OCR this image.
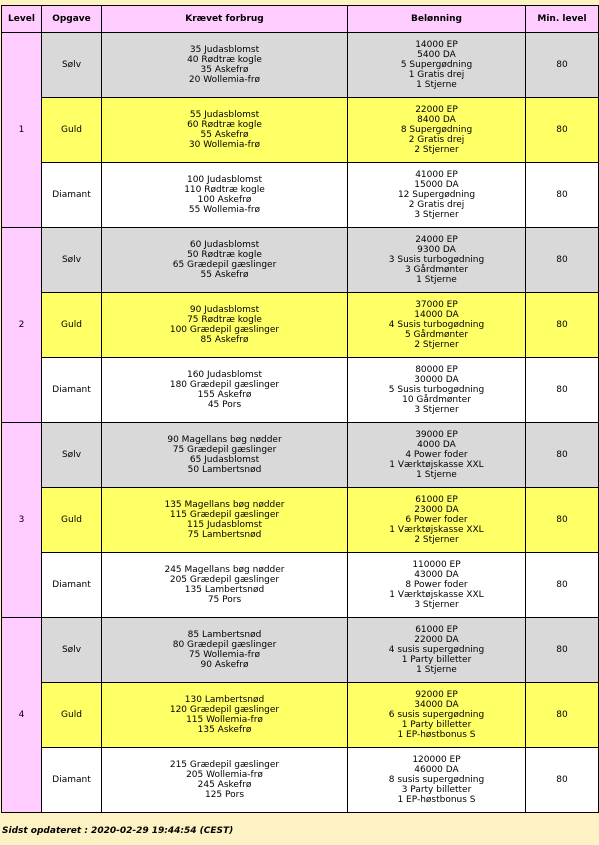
Level	Opgave	Krævet forbrug	Belønning	Min. level
1	Sølv	35 Judasblomst
40 Rødtræ kogle
35 Askefrø
20 Wollemia-frø	14000 EP
5400 DA
5 Supergødning
1 Gratis drej
1 Stjerne	80
	Guld	55 Judasblomst
60 Rødtræ kogle
55 Askefrø
30 Wollemia-frø	22000 EP
8400 DA
8 Supergødning
2 Gratis drej
2 Stjerner	80
	Diamant	100 Judasblomst
110 Rødtræ kogle
100 Askefrø
55 Wollemia-frø	41000 EP
15000 DA
12 Supergødning
2 Gratis drej
3 Stjerner	80
2	Sølv	60 Judasblomst
50 Rødtræ kogle
65 Grædepil gæslinger
55 Askefrø	24000 EP
9300 DA
3 Susis turbogødning
3 Gårdmønter
1 Stjerne	80
	Guld	90 Judasblomst
75 Rødtræ kogle
100 Grædepil gæslinger
85 Askefrø	37000 EP
14000 DA
4 Susis turbogødning
5 Gårdmønter
2 Stjerner	80
	Diamant	160 Judasblomst
180 Grædepil gæslinger
155 Askefrø
45 Pors	80000 EP
30000 DA
5 Susis turbogødning
10 Gårdmønter
3 Stjerner	80
3	Sølv	90 Magellans bøg nødder
75 Grædepil gæslinger
65 Judasblomst
50 Lambertsnød	39000 EP
4000 DA
4 Power foder
1 Værktøjskasse XXL
1 Stjerne	80
	Guld	135 Magellans bøg nødder
115 Grædepil gæslinger
115 Judasblomst
75 Lambertsnød	61000 EP
23000 DA
6 Power foder
1 Værktøjskasse XXL
2 Stjerner	80
	Diamant	245 Magellans bøg nødder
205 Grædepil gæslinger
135 Lambertsnød
75 Pors	110000 EP
43000 DA
8 Power foder
1 Værktøjskasse XXL
3 Stjerner	80
4	Sølv	85 Lambertsnød
80 Grædepil gæslinger
75 Wollemia-frø
90 Askefrø	61000 EP
22000 DA
4 susis supergødning
1 Party billetter
1 Stjerne	80
	Guld	130 Lambertsnød
120 Grædepil gæslinger
115 Wollemia-frø
135 Askefrø	92000 EP
34000 DA
6 susis supergødning
1 Party billetter
1 EP-høstbonus S	80
	Diamant	215 Grædepil gæslinger
205 Wollemia-frø
245 Askefrø
125 Pors	120000 EP
46000 DA
8 susis supergødning
3 Party billetter
1 EP-høstbonus S	80
Sidst opdateret : 2020-02-29 19:44:54 (CEST)
